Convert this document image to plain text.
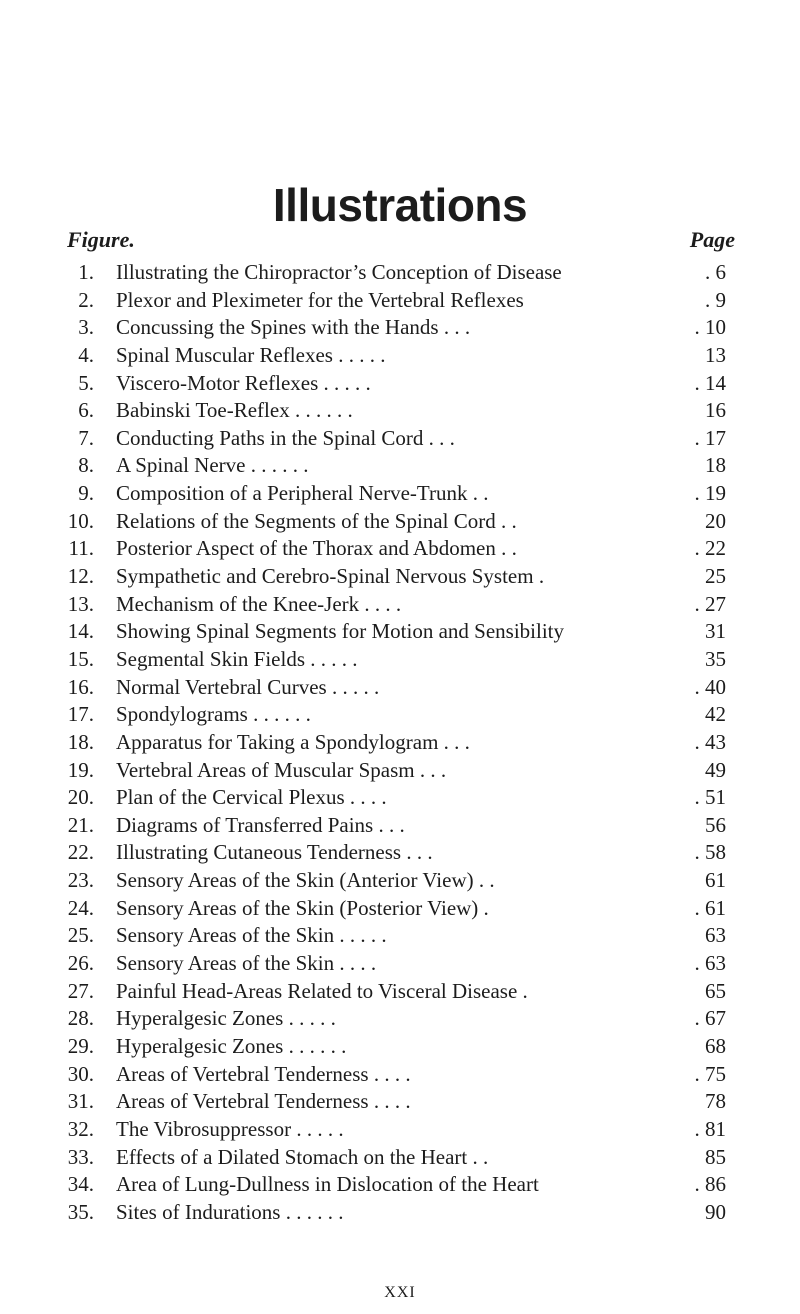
Illustrations
Figure.	Page
1. Illustrating the Chiropractor’s Conception of Disease	. 6
2. Plexor and Pleximeter for the Vertebral Reflexes	. 9
3. Concussing the Spines with the Hands . . .	. 10
4. Spinal Muscular Reflexes . . . . .	13
5. Viscero-Motor Reflexes . . . . .	. 14
6. Babinski Toe-Reflex . . . . . .	16
7. Conducting Paths in the Spinal Cord . . .	. 17
8. A Spinal Nerve . . . . . .	18
9. Composition of a Peripheral Nerve-Trunk . .	. 19
10. Relations of the Segments of the Spinal Cord . .	20
11. Posterior Aspect of the Thorax and Abdomen . .	. 22
12. Sympathetic and Cerebro-Spinal Nervous System .	25
13. Mechanism of the Knee-Jerk . . . .	. 27
14. Showing Spinal Segments for Motion and Sensibility	31
15. Segmental Skin Fields . . . . .	35
16. Normal Vertebral Curves . . . . .	. 40
17. Spondylograms . . . . . .	42
18. Apparatus for Taking a Spondylogram . . .	. 43
19. Vertebral Areas of Muscular Spasm . . .	49
20. Plan of the Cervical Plexus . . . .	. 51
21. Diagrams of Transferred Pains . . .	56
22. Illustrating Cutaneous Tenderness . . .	. 58
23. Sensory Areas of the Skin (Anterior View) . .	61
24. Sensory Areas of the Skin (Posterior View) .	. 61
25. Sensory Areas of the Skin . . . . .	63
26. Sensory Areas of the Skin . . . .	. 63
27. Painful Head-Areas Related to Visceral Disease .	65
28. Hyperalgesic Zones . . . . .	. 67
29. Hyperalgesic Zones . . . . . .	68
30. Areas of Vertebral Tenderness . . . .	. 75
31. Areas of Vertebral Tenderness . . . .	78
32. The Vibrosuppressor . . . . .	. 81
33. Effects of a Dilated Stomach on the Heart . .	85
34. Area of Lung-Dullness in Dislocation of the Heart	. 86
35. Sites of Indurations . . . . . .	90
XXI
